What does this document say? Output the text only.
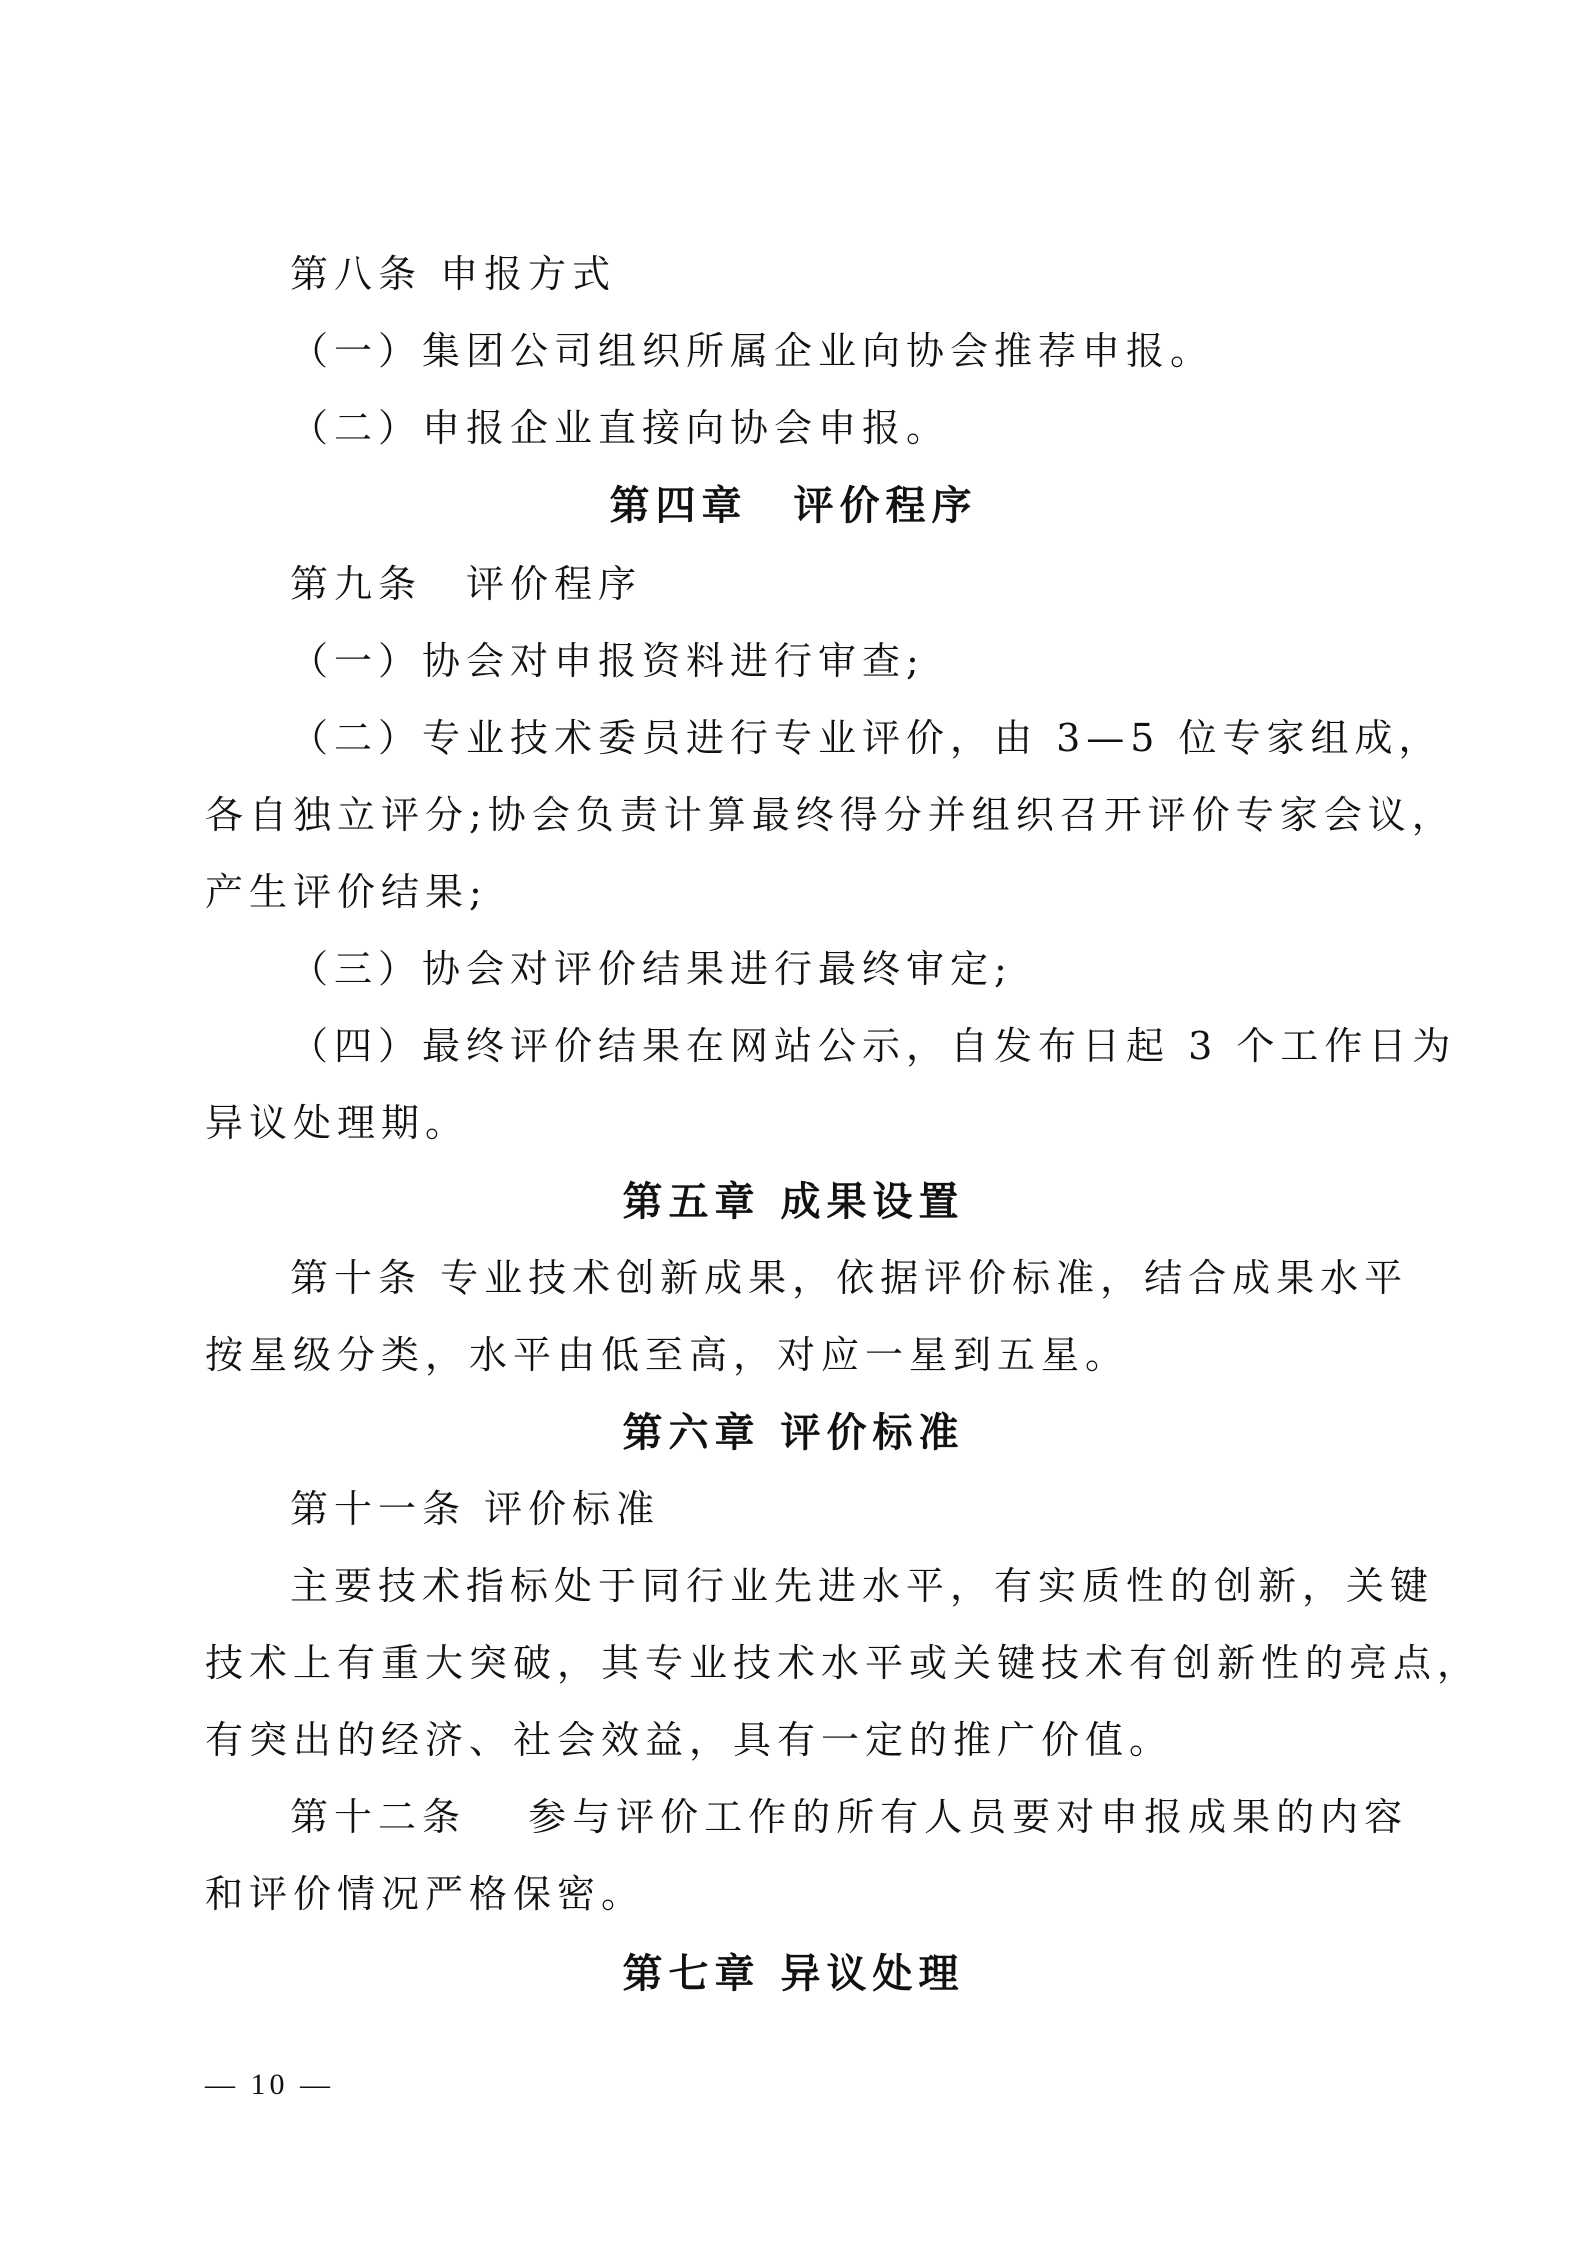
第八条 申报方式
（一）集团公司组织所属企业向协会推荐申报。
（二）申报企业直接向协会申报。
第四章　评价程序
第九条　评价程序
（一）协会对申报资料进行审查;
（二）专业技术委员进行专业评价，由 3—5 位专家组成，
各自独立评分;协会负责计算最终得分并组织召开评价专家会议，
产生评价结果;
（三）协会对评价结果进行最终审定;
（四）最终评价结果在网站公示，自发布日起 3 个工作日为
异议处理期。
第五章 成果设置
第十条 专业技术创新成果，依据评价标准，结合成果水平
按星级分类，水平由低至高，对应一星到五星。
第六章 评价标准
第十一条 评价标准
主要技术指标处于同行业先进水平，有实质性的创新，关键
技术上有重大突破，其专业技术水平或关键技术有创新性的亮点，
有突出的经济、社会效益，具有一定的推广价值。
第十二条　 参与评价工作的所有人员要对申报成果的内容
和评价情况严格保密。
第七章 异议处理
— 10 —
